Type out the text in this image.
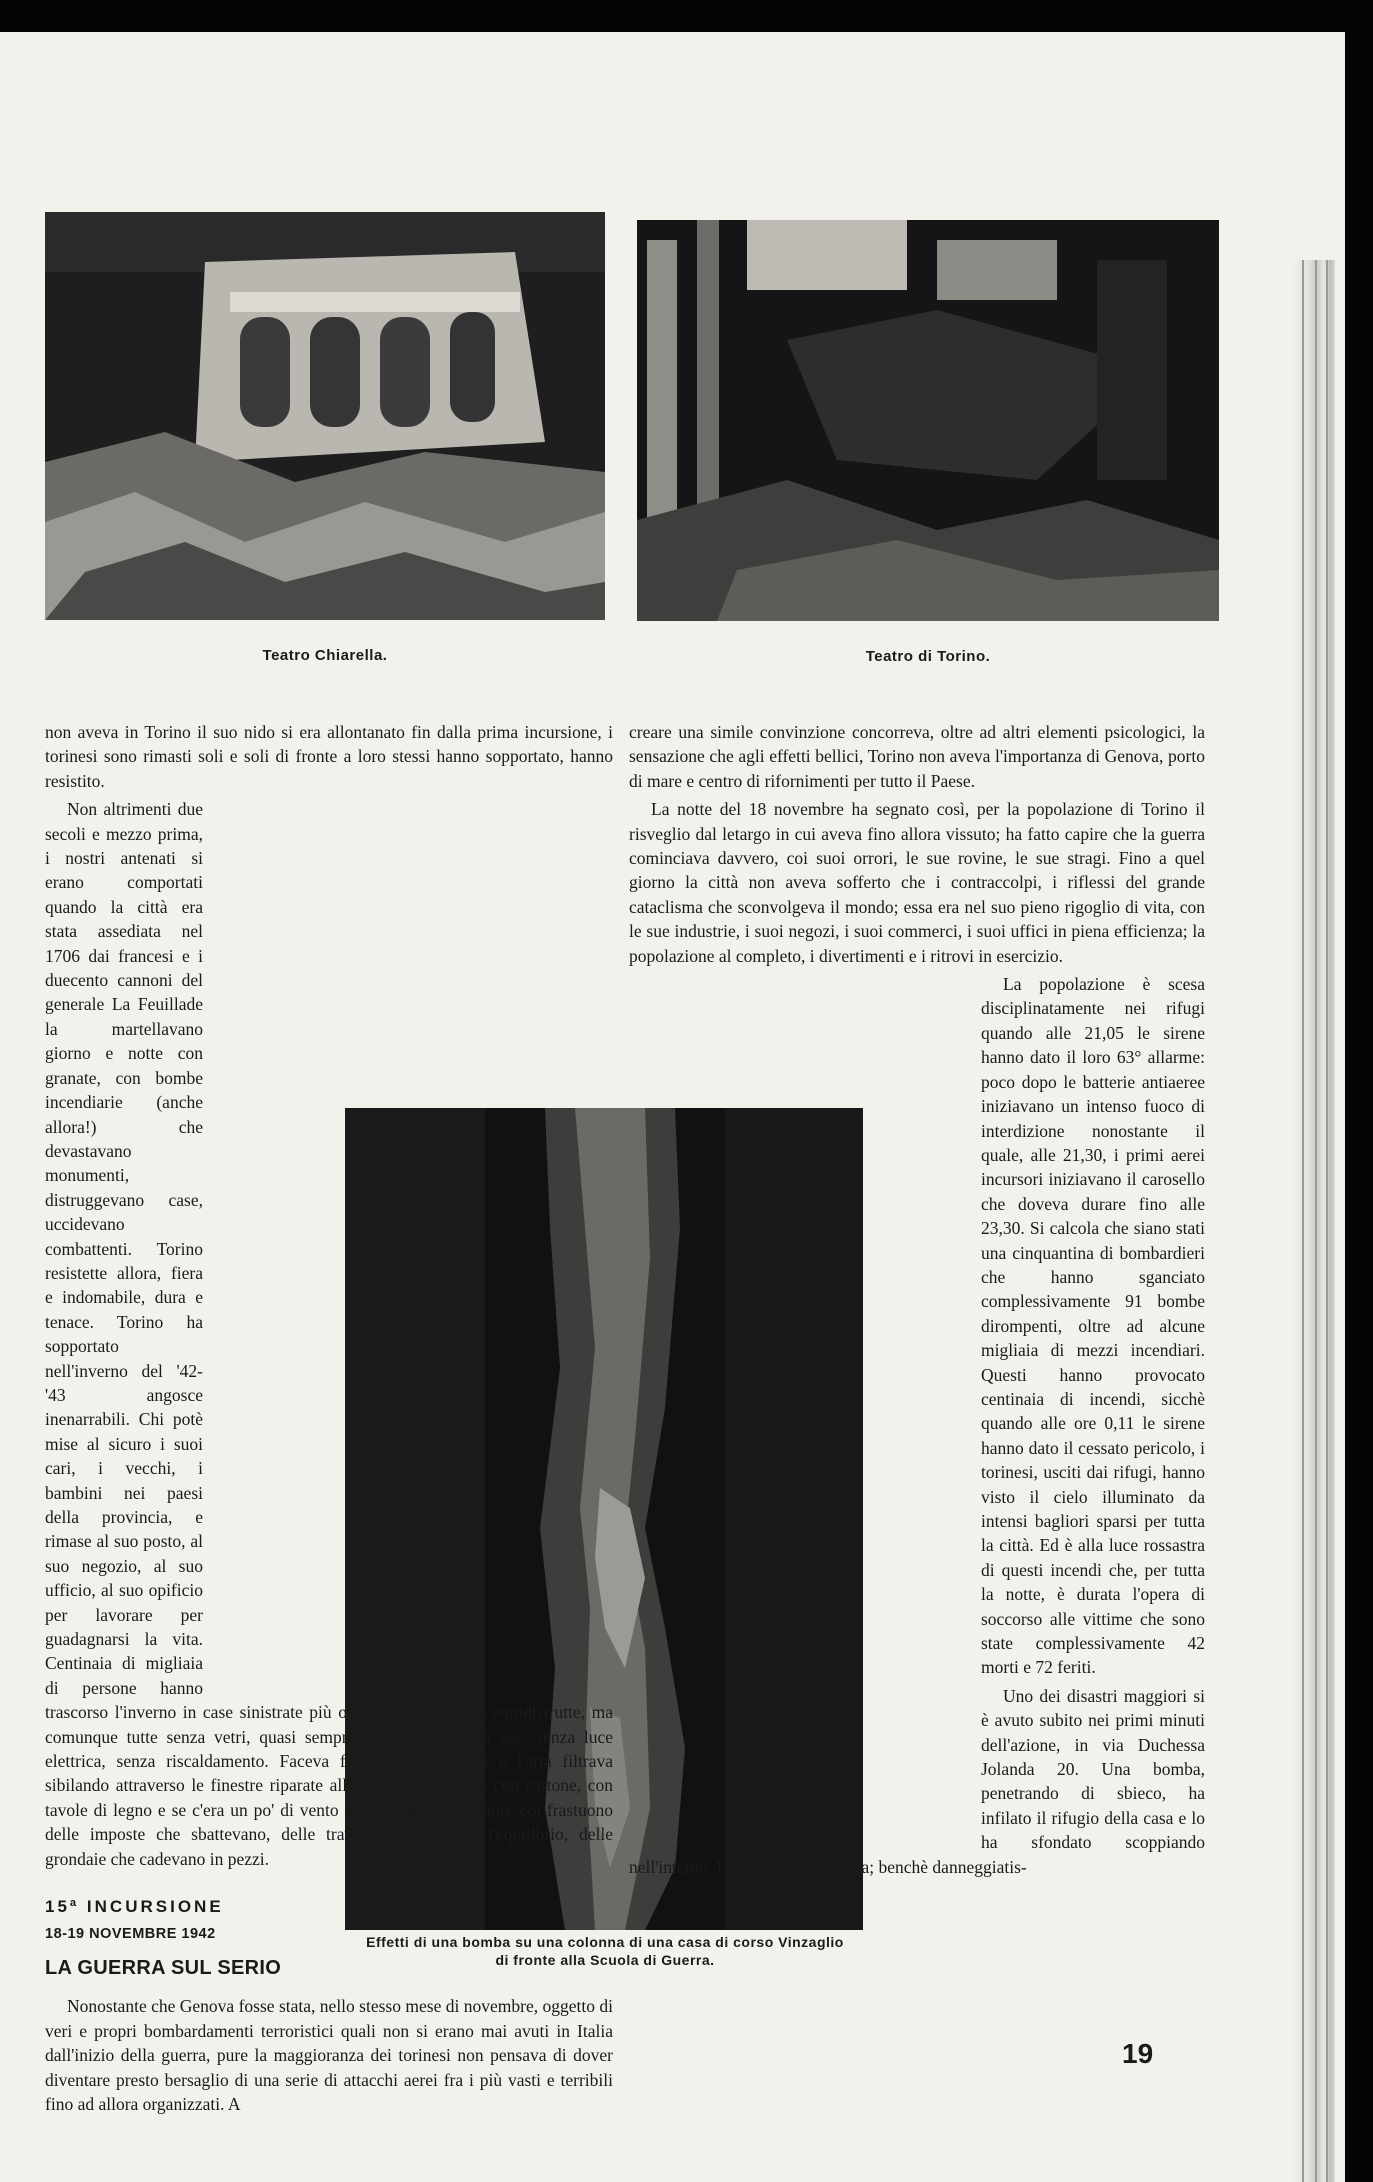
Teatro Chiarella.	Teatro di Torino.
Effetti di una bomba su una colonna di una casa di corso Vinzaglio
di fronte alla Scuola di Guerra.

non aveva in Torino il suo nido si era allontanato fin dalla prima incursione, i torinesi sono rimasti soli e soli di fronte a loro stessi hanno sopportato, hanno resistito.

Non altrimenti due secoli e mezzo prima, i nostri antenati si erano comportati quando la città era stata assediata nel 1706 dai francesi e i duecento cannoni del generale La Feuillade la martellavano giorno e notte con granate, con bombe incendiarie (anche allora!) che devastavano monumenti, distruggevano case, uccidevano combattenti. Torino resistette allora, fiera e indomabile, dura e tenace. Torino ha sopportato nell'inverno del '42-'43 angosce inenarrabili. Chi potè mise al sicuro i suoi cari, i vecchi, i bambini nei paesi della provincia, e rimase al suo posto, al suo negozio, al suo ufficio, al suo opificio per lavorare per guadagnarsi la vita. Centinaia di migliaia di persone hanno trascorso l'inverno in case sinistrate più o meno, devastate o semidistrutte, ma comunque tutte senza vetri, quasi sempre senz'acqua, senza gas, senza luce elettrica, senza riscaldamento. Faceva freddo quell'inverno e l'aria filtrava sibilando attraverso le finestre riparate alla meglio con carta, con cartone, con tavole di legno e se c'era un po' di vento era impossibile dormire col frastuono delle imposte che sbattevano, delle travi che perdevano l'equilibrio, delle grondaie che cadevano in pezzi.

15ª INCURSIONE
18-19 NOVEMBRE 1942
LA GUERRA SUL SERIO

Nonostante che Genova fosse stata, nello stesso mese di novembre, oggetto di veri e propri bombardamenti terroristici quali non si erano mai avuti in Italia dall'inizio della guerra, pure la maggioranza dei torinesi non pensava di dover diventare presto bersaglio di una serie di attacchi aerei fra i più vasti e terribili fino ad allora organizzati. A

creare una simile convinzione concorreva, oltre ad altri elementi psicologici, la sensazione che agli effetti bellici, Torino non aveva l'importanza di Genova, porto di mare e centro di rifornimenti per tutto il Paese.

La notte del 18 novembre ha segnato così, per la popolazione di Torino il risveglio dal letargo in cui aveva fino allora vissuto; ha fatto capire che la guerra cominciava davvero, coi suoi orrori, le sue rovine, le sue stragi. Fino a quel giorno la città non aveva sofferto che i contraccolpi, i riflessi del grande cataclisma che sconvolgeva il mondo; essa era nel suo pieno rigoglio di vita, con le sue industrie, i suoi negozi, i suoi commerci, i suoi uffici in piena efficienza; la popolazione al completo, i divertimenti e i ritrovi in esercizio.

La popolazione è scesa disciplinatamente nei rifugi quando alle 21,05 le sirene hanno dato il loro 63° allarme: poco dopo le batterie antiaeree iniziavano un intenso fuoco di interdizione nonostante il quale, alle 21,30, i primi aerei incursori iniziavano il carosello che doveva durare fino alle 23,30. Si calcola che siano stati una cinquantina di bombardieri che hanno sganciato complessivamente 91 bombe dirompenti, oltre ad alcune migliaia di mezzi incendiari. Questi hanno provocato centinaia di incendi, sicchè quando alle ore 0,11 le sirene hanno dato il cessato pericolo, i torinesi, usciti dai rifugi, hanno visto il cielo illuminato da intensi bagliori sparsi per tutta la città. Ed è alla luce rossastra di questi incendi che, per tutta la notte, è durata l'opera di soccorso alle vittime che sono state complessivamente 42 morti e 72 feriti.

Uno dei disastri maggiori si è avuto subito nei primi minuti dell'azione, in via Duchessa Jolanda 20. Una bomba, penetrando di sbieco, ha infilato il rifugio della casa e lo ha sfondato scoppiando nell'interno. La casa non è crollata; benchè danneggiatis-

19
